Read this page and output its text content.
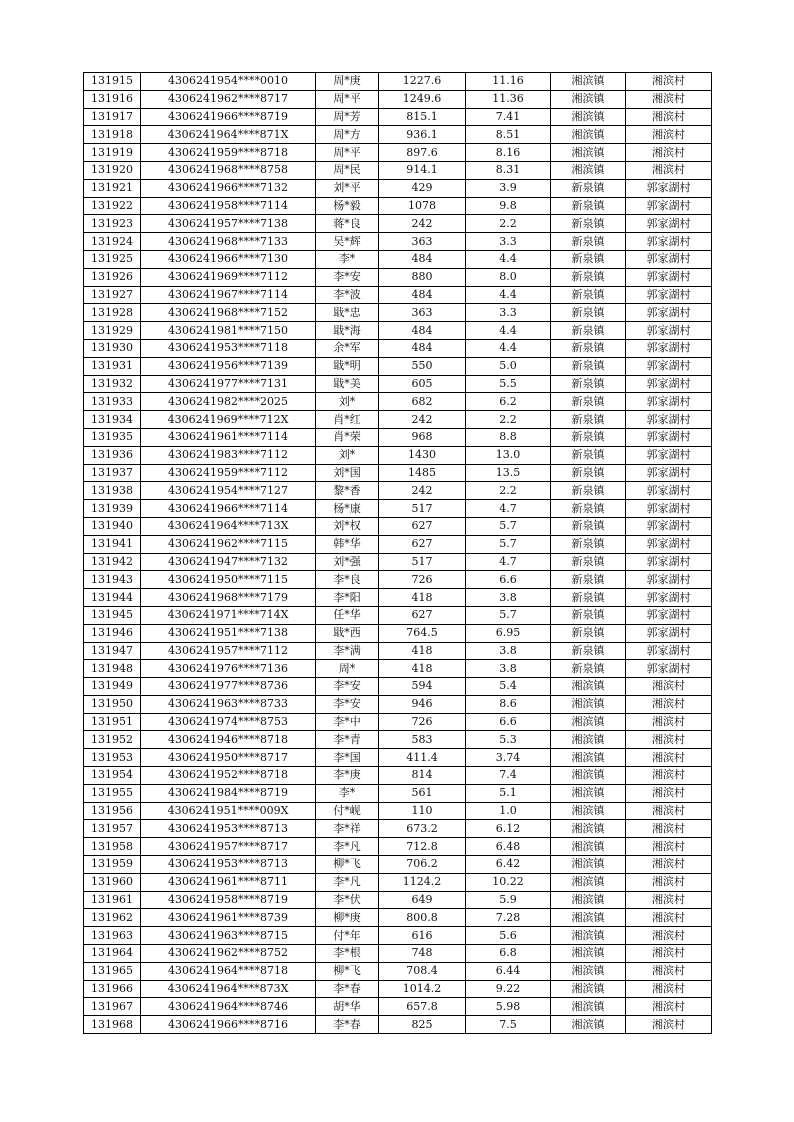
131915	4306241954****0010	周*庚	1227.6	11.16	湘滨镇	湘滨村
131916	4306241962****8717	周*平	1249.6	11.36	湘滨镇	湘滨村
131917	4306241966****8719	周*芳	815.1	7.41	湘滨镇	湘滨村
131918	4306241964****871X	周*方	936.1	8.51	湘滨镇	湘滨村
131919	4306241959****8718	周*平	897.6	8.16	湘滨镇	湘滨村
131920	4306241968****8758	周*民	914.1	8.31	湘滨镇	湘滨村
131921	4306241966****7132	刘*平	429	3.9	新泉镇	郭家湖村
131922	4306241958****7114	杨*毅	1078	9.8	新泉镇	郭家湖村
131923	4306241957****7138	蒋*良	242	2.2	新泉镇	郭家湖村
131924	4306241968****7133	吴*辉	363	3.3	新泉镇	郭家湖村
131925	4306241966****7130	李*	484	4.4	新泉镇	郭家湖村
131926	4306241969****7112	李*安	880	8.0	新泉镇	郭家湖村
131927	4306241967****7114	李*波	484	4.4	新泉镇	郭家湖村
131928	4306241968****7152	戢*忠	363	3.3	新泉镇	郭家湖村
131929	4306241981****7150	戢*海	484	4.4	新泉镇	郭家湖村
131930	4306241953****7118	余*军	484	4.4	新泉镇	郭家湖村
131931	4306241956****7139	戢*明	550	5.0	新泉镇	郭家湖村
131932	4306241977****7131	戢*美	605	5.5	新泉镇	郭家湖村
131933	4306241982****2025	刘*	682	6.2	新泉镇	郭家湖村
131934	4306241969****712X	肖*红	242	2.2	新泉镇	郭家湖村
131935	4306241961****7114	肖*荣	968	8.8	新泉镇	郭家湖村
131936	4306241983****7112	刘*	1430	13.0	新泉镇	郭家湖村
131937	4306241959****7112	刘*国	1485	13.5	新泉镇	郭家湖村
131938	4306241954****7127	黎*香	242	2.2	新泉镇	郭家湖村
131939	4306241966****7114	杨*康	517	4.7	新泉镇	郭家湖村
131940	4306241964****713X	刘*权	627	5.7	新泉镇	郭家湖村
131941	4306241962****7115	韩*华	627	5.7	新泉镇	郭家湖村
131942	4306241947****7132	刘*强	517	4.7	新泉镇	郭家湖村
131943	4306241950****7115	李*良	726	6.6	新泉镇	郭家湖村
131944	4306241968****7179	李*阳	418	3.8	新泉镇	郭家湖村
131945	4306241971****714X	任*华	627	5.7	新泉镇	郭家湖村
131946	4306241951****7138	戢*西	764.5	6.95	新泉镇	郭家湖村
131947	4306241957****7112	李*满	418	3.8	新泉镇	郭家湖村
131948	4306241976****7136	周*	418	3.8	新泉镇	郭家湖村
131949	4306241977****8736	李*安	594	5.4	湘滨镇	湘滨村
131950	4306241963****8733	李*安	946	8.6	湘滨镇	湘滨村
131951	4306241974****8753	李*中	726	6.6	湘滨镇	湘滨村
131952	4306241946****8718	李*青	583	5.3	湘滨镇	湘滨村
131953	4306241950****8717	李*国	411.4	3.74	湘滨镇	湘滨村
131954	4306241952****8718	李*庚	814	7.4	湘滨镇	湘滨村
131955	4306241984****8719	李*	561	5.1	湘滨镇	湘滨村
131956	4306241951****009X	付*岘	110	1.0	湘滨镇	湘滨村
131957	4306241953****8713	李*祥	673.2	6.12	湘滨镇	湘滨村
131958	4306241957****8717	李*凡	712.8	6.48	湘滨镇	湘滨村
131959	4306241953****8713	柳*飞	706.2	6.42	湘滨镇	湘滨村
131960	4306241961****8711	李*凡	1124.2	10.22	湘滨镇	湘滨村
131961	4306241958****8719	李*伏	649	5.9	湘滨镇	湘滨村
131962	4306241961****8739	柳*庚	800.8	7.28	湘滨镇	湘滨村
131963	4306241963****8715	付*年	616	5.6	湘滨镇	湘滨村
131964	4306241962****8752	李*根	748	6.8	湘滨镇	湘滨村
131965	4306241964****8718	柳*飞	708.4	6.44	湘滨镇	湘滨村
131966	4306241964****873X	李*春	1014.2	9.22	湘滨镇	湘滨村
131967	4306241964****8746	胡*华	657.8	5.98	湘滨镇	湘滨村
131968	4306241966****8716	李*春	825	7.5	湘滨镇	湘滨村
